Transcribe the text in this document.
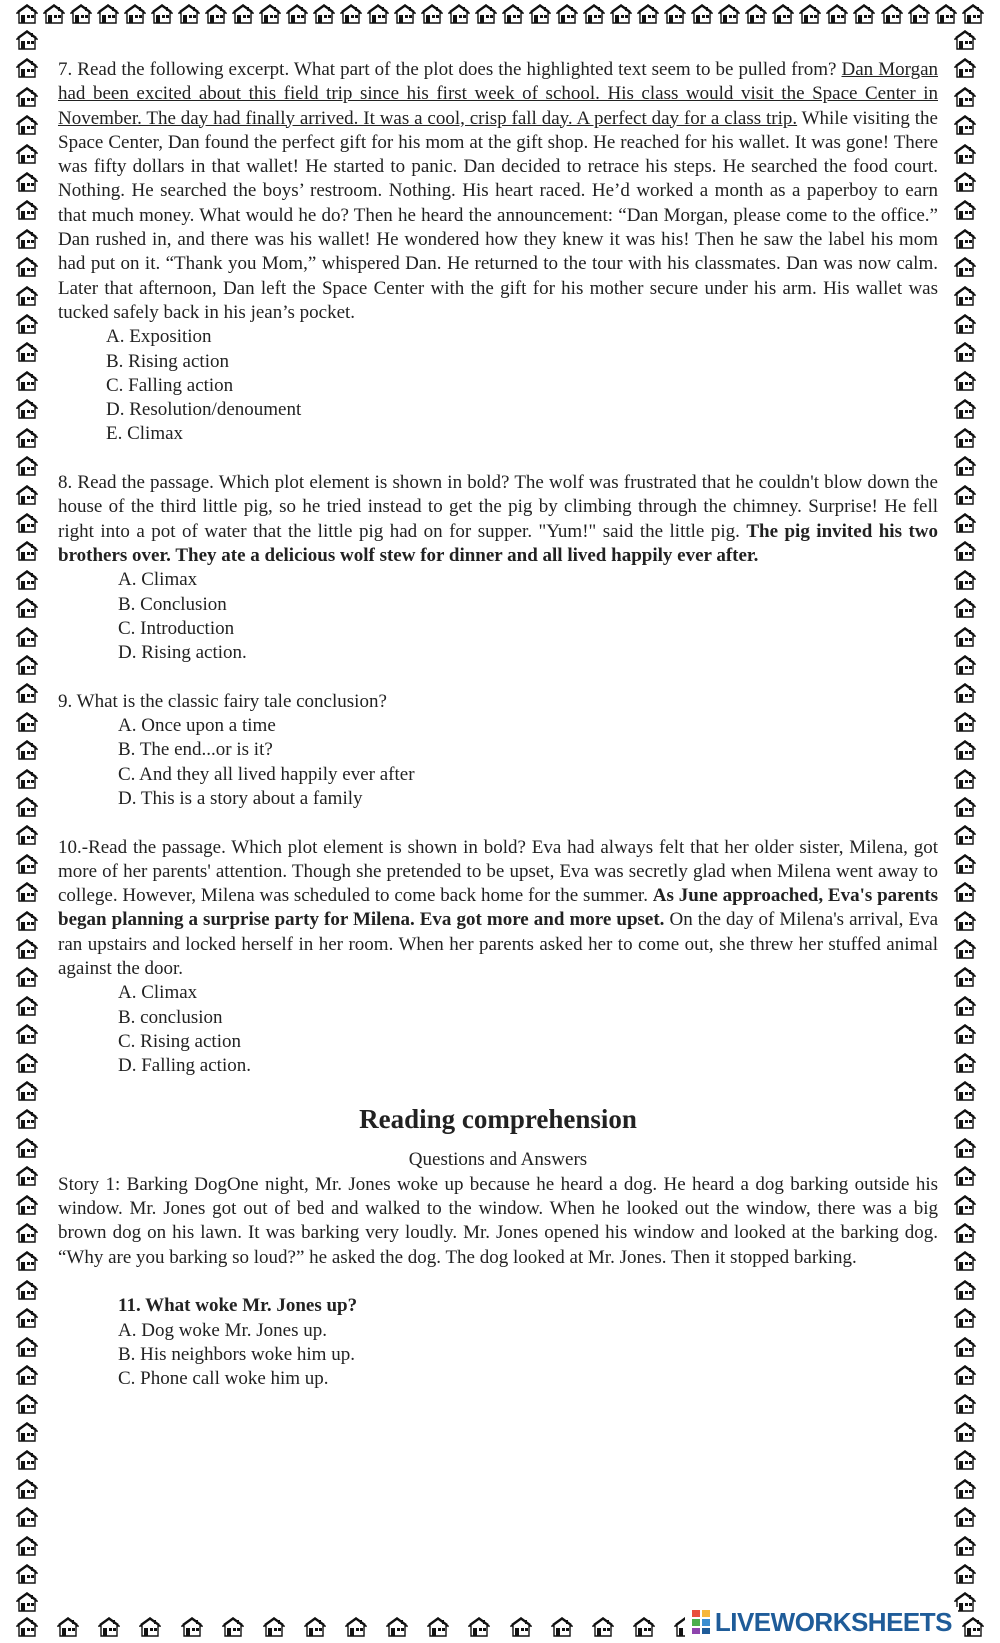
7. Read the following excerpt. What part of the plot does the highlighted text seem to be pulled from? Dan Morgan had been excited about this field trip since his first week of school. His class would visit the Space Center in November. The day had finally arrived. It was a cool, crisp fall day. A perfect day for a class trip. While visiting the Space Center, Dan found the perfect gift for his mom at the gift shop. He reached for his wallet. It was gone! There was fifty dollars in that wallet! He started to panic. Dan decided to retrace his steps. He searched the food court. Nothing. He searched the boys’ restroom. Nothing. His heart raced. He’d worked a month as a paperboy to earn that much money. What would he do? Then he heard the announcement: “Dan Morgan, please come to the office.” Dan rushed in, and there was his wallet! He wondered how they knew it was his! Then he saw the label his mom had put on it. “Thank you Mom,” whispered Dan. He returned to the tour with his classmates. Dan was now calm. Later that afternoon, Dan left the Space Center with the gift for his mother secure under his arm. His wallet was tucked safely back in his jean’s pocket.

A. Exposition
B. Rising action
C. Falling action
D. Resolution/denoument
E. Climax

8. Read the passage. Which plot element is shown in bold? The wolf was frustrated that he couldn't blow down the house of the third little pig, so he tried instead to get the pig by climbing through the chimney. Surprise! He fell right into a pot of water that the little pig had on for supper. "Yum!" said the little pig. The pig invited his two brothers over. They ate a delicious wolf stew for dinner and all lived happily ever after.

A. Climax
B. Conclusion
C. Introduction
D. Rising action.

9. What is the classic fairy tale conclusion?

A. Once upon a time
B. The end...or is it?
C. And they all lived happily ever after
D. This is a story about a family

10.-Read the passage. Which plot element is shown in bold? Eva had always felt that her older sister, Milena, got more of her parents' attention. Though she pretended to be upset, Eva was secretly glad when Milena went away to college. However, Milena was scheduled to come back home for the summer. As June approached, Eva's parents began planning a surprise party for Milena. Eva got more and more upset. On the day of Milena's arrival, Eva ran upstairs and locked herself in her room. When her parents asked her to come out, she threw her stuffed animal against the door.

A. Climax
B. conclusion
C. Rising action
D. Falling action.
Reading comprehension

Questions and Answers

Story 1: Barking DogOne night, Mr. Jones woke up because he heard a dog. He heard a dog barking outside his window. Mr. Jones got out of bed and walked to the window. When he looked out the window, there was a big brown dog on his lawn. It was barking very loudly. Mr. Jones opened his window and looked at the barking dog. “Why are you barking so loud?” he asked the dog. The dog looked at Mr. Jones. Then it stopped barking.

11. What woke Mr. Jones up?

A. Dog woke Mr. Jones up.
B. His neighbors woke him up.
C. Phone call woke him up.
LIVEWORKSHEETS
